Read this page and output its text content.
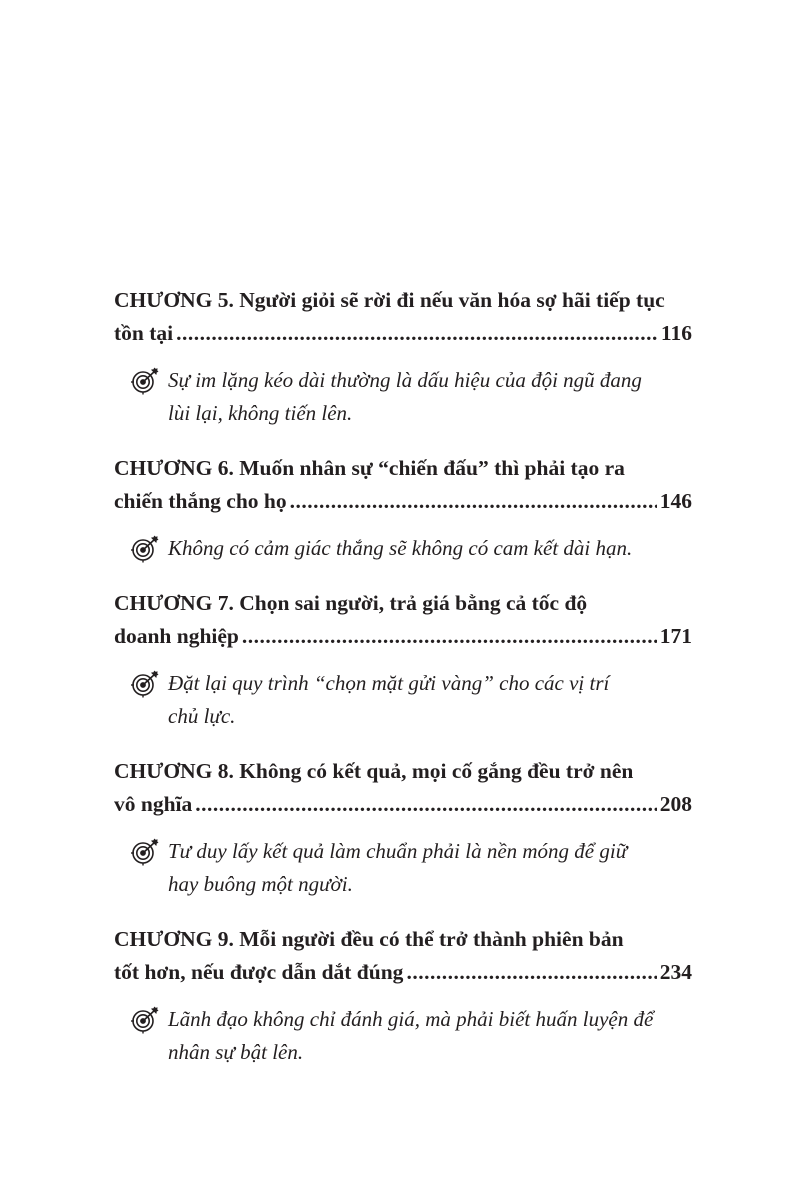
CHƯƠNG 5. Người giỏi sẽ rời đi nếu văn hóa sợ hãi tiếp tục
tồn tại .....	116
Sự im lặng kéo dài thường là dấu hiệu của đội ngũ đang
lùi lại, không tiến lên.
CHƯƠNG 6. Muốn nhân sự “chiến đấu” thì phải tạo ra
chiến thắng cho họ .....	146
Không có cảm giác thắng sẽ không có cam kết dài hạn.
CHƯƠNG 7. Chọn sai người, trả giá bằng cả tốc độ
doanh nghiệp .....	171
Đặt lại quy trình “chọn mặt gửi vàng” cho các vị trí
chủ lực.
CHƯƠNG 8. Không có kết quả, mọi cố gắng đều trở nên
vô nghĩa .....	208
Tư duy lấy kết quả làm chuẩn phải là nền móng để giữ
hay buông một người.
CHƯƠNG 9. Mỗi người đều có thể trở thành phiên bản
tốt hơn, nếu được dẫn dắt đúng .....	234
Lãnh đạo không chỉ đánh giá, mà phải biết huấn luyện để
nhân sự bật lên.
